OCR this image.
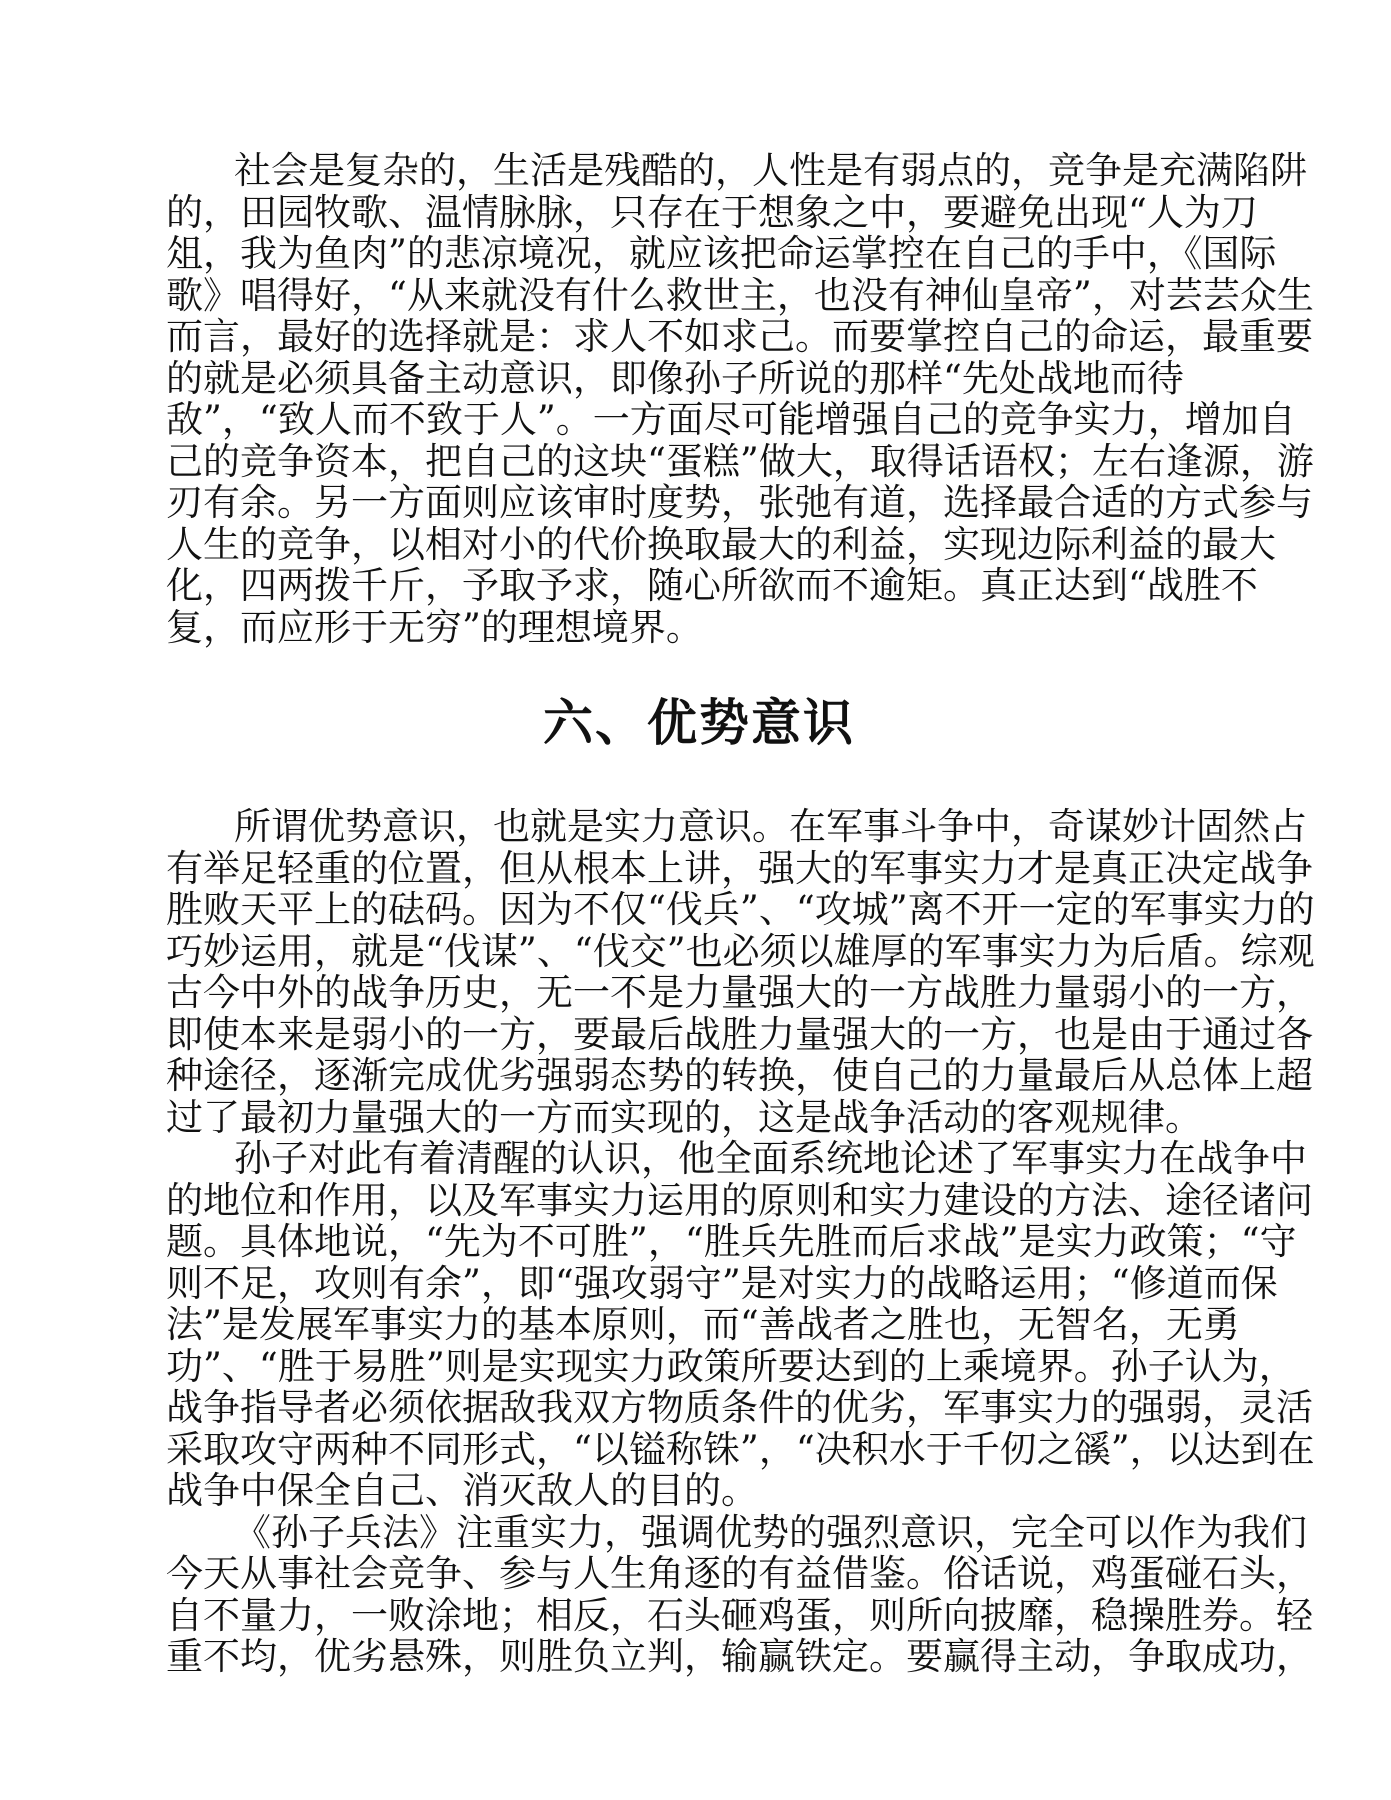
社会是复杂的，生活是残酷的，人性是有弱点的，竞争是充满陷阱
的，田园牧歌、温情脉脉，只存在于想象之中，要避免出现“人为刀
俎，我为鱼肉”的悲凉境况，就应该把命运掌控在自己的手中，《国际
歌》唱得好，“从来就没有什么救世主，也没有神仙皇帝”，对芸芸众生
而言，最好的选择就是：求人不如求己。而要掌控自己的命运，最重要
的就是必须具备主动意识，即像孙子所说的那样“先处战地而待
敌”，“致人而不致于人”。一方面尽可能增强自己的竞争实力，增加自
己的竞争资本，把自己的这块“蛋糕”做大，取得话语权；左右逢源，游
刃有余。另一方面则应该审时度势，张弛有道，选择最合适的方式参与
人生的竞争，以相对小的代价换取最大的利益，实现边际利益的最大
化，四两拨千斤，予取予求，随心所欲而不逾矩。真正达到“战胜不
复，而应形于无穷”的理想境界。
六、优势意识
所谓优势意识，也就是实力意识。在军事斗争中，奇谋妙计固然占
有举足轻重的位置，但从根本上讲，强大的军事实力才是真正决定战争
胜败天平上的砝码。因为不仅“伐兵”、“攻城”离不开一定的军事实力的
巧妙运用，就是“伐谋”、“伐交”也必须以雄厚的军事实力为后盾。综观
古今中外的战争历史，无一不是力量强大的一方战胜力量弱小的一方，
即使本来是弱小的一方，要最后战胜力量强大的一方，也是由于通过各
种途径，逐渐完成优劣强弱态势的转换，使自己的力量最后从总体上超
过了最初力量强大的一方而实现的，这是战争活动的客观规律。
孙子对此有着清醒的认识，他全面系统地论述了军事实力在战争中
的地位和作用，以及军事实力运用的原则和实力建设的方法、途径诸问
题。具体地说，“先为不可胜”，“胜兵先胜而后求战”是实力政策；“守
则不足，攻则有余”，即“强攻弱守”是对实力的战略运用；“修道而保
法”是发展军事实力的基本原则，而“善战者之胜也，无智名，无勇
功”、“胜于易胜”则是实现实力政策所要达到的上乘境界。孙子认为，
战争指导者必须依据敌我双方物质条件的优劣，军事实力的强弱，灵活
采取攻守两种不同形式，“以镒称铢”，“决积水于千仞之豀”，以达到在
战争中保全自己、消灭敌人的目的。
《孙子兵法》注重实力，强调优势的强烈意识，完全可以作为我们
今天从事社会竞争、参与人生角逐的有益借鉴。俗话说，鸡蛋碰石头，
自不量力，一败涂地；相反，石头砸鸡蛋，则所向披靡，稳操胜券。轻
重不均，优劣悬殊，则胜负立判，输赢铁定。要赢得主动，争取成功，
